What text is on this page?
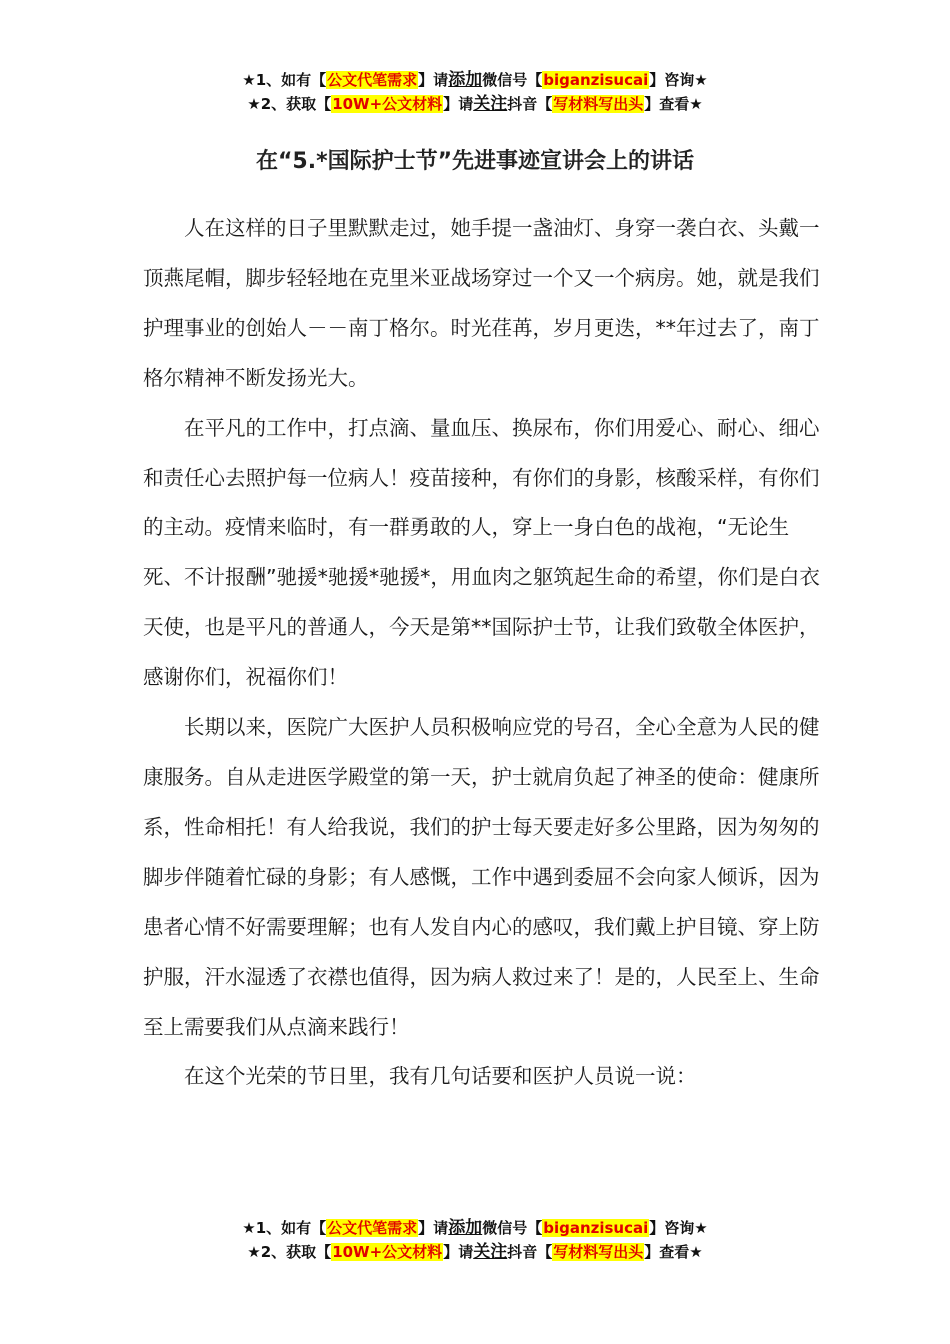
★1、如有【公文代笔需求】请添加微信号【biganzisucai】咨询★
★2、获取【10W+公文材料】请关注抖音【写材料写出头】查看★
在“5.*国际护士节”先进事迹宣讲会上的讲话

人在这样的日子里默默走过，她手提一盏油灯、身穿一袭白衣、头戴一顶燕尾帽，脚步轻轻地在克里米亚战场穿过一个又一个病房。她，就是我们护理事业的创始人－－南丁格尔。时光荏苒，岁月更迭，**年过去了，南丁格尔精神不断发扬光大。

在平凡的工作中，打点滴、量血压、换尿布，你们用爱心、耐心、细心和责任心去照护每一位病人！疫苗接种，有你们的身影，核酸采样，有你们的主动。疫情来临时，有一群勇敢的人，穿上一身白色的战袍，“无论生死、不计报酬”驰援*驰援*驰援*，用血肉之躯筑起生命的希望，你们是白衣天使，也是平凡的普通人，今天是第**国际护士节，让我们致敬全体医护，感谢你们，祝福你们！

长期以来，医院广大医护人员积极响应党的号召，全心全意为人民的健康服务。自从走进医学殿堂的第一天，护士就肩负起了神圣的使命：健康所系，性命相托！有人给我说，我们的护士每天要走好多公里路，因为匆匆的脚步伴随着忙碌的身影；有人感慨，工作中遇到委屈不会向家人倾诉，因为患者心情不好需要理解；也有人发自内心的感叹，我们戴上护目镜、穿上防护服，汗水湿透了衣襟也值得，因为病人救过来了！是的，人民至上、生命至上需要我们从点滴来践行！

在这个光荣的节日里，我有几句话要和医护人员说一说：

★1、如有【公文代笔需求】请添加微信号【biganzisucai】咨询★
★2、获取【10W+公文材料】请关注抖音【写材料写出头】查看★
